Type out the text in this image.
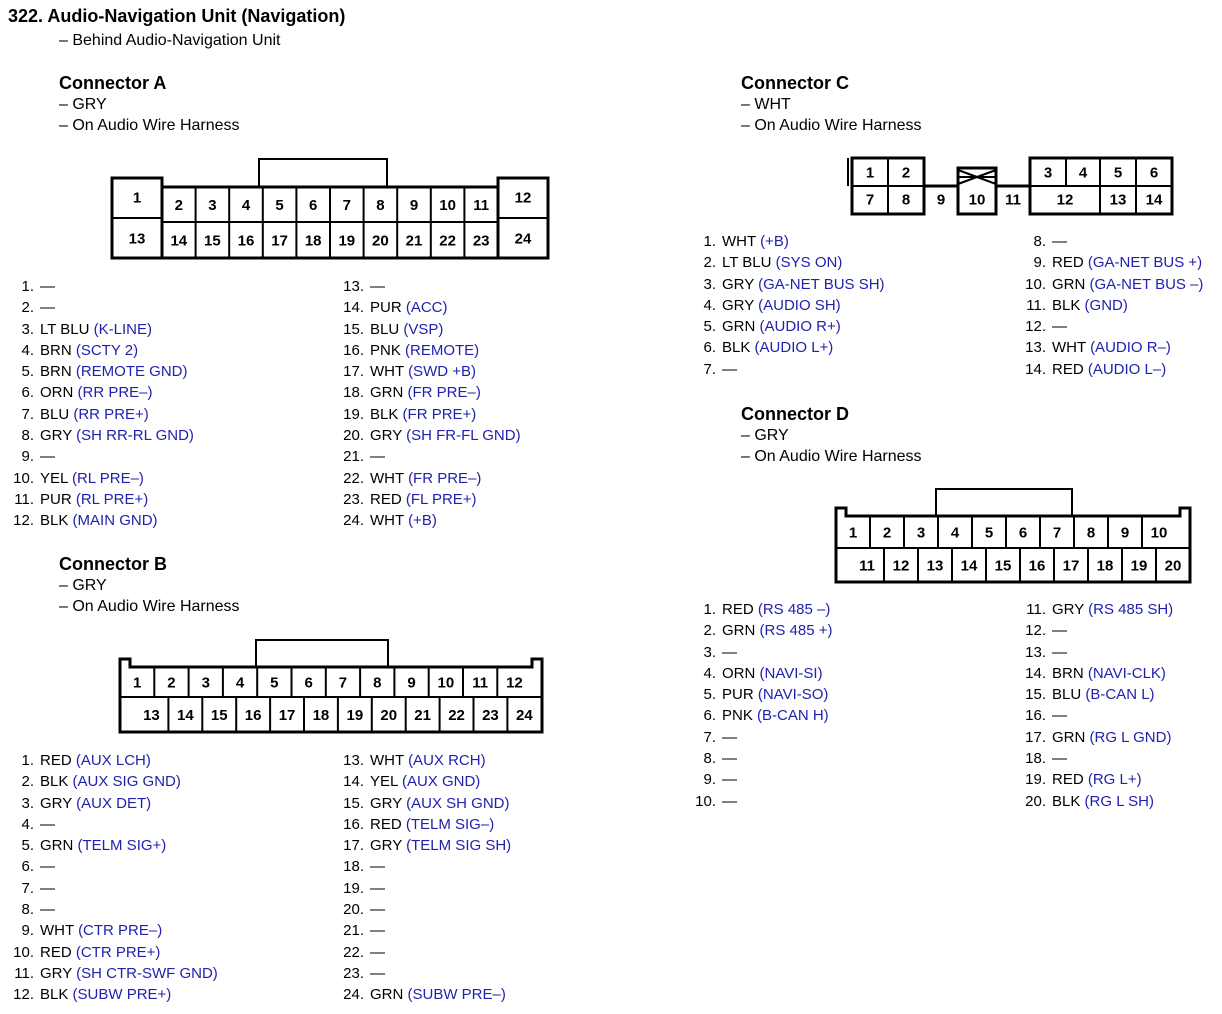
322. Audio-Navigation Unit (Navigation)
– Behind Audio-Navigation Unit
Connector A
– GRY
– On Audio Wire Harness
2 3 4 5 6 7 8 9 10 11
14 15 16 17 18 19 20 21 22 23
1	12
13	24
1. —
2. —
3. LT BLU (K-LINE)
4. BRN (SCTY 2)
5. BRN (REMOTE GND)
6. ORN (RR PRE–)
7. BLU (RR PRE+)
8. GRY (SH RR-RL GND)
9. —
10. YEL (RL PRE–)
11. PUR (RL PRE+)
12. BLK (MAIN GND)
13. —
14. PUR (ACC)
15. BLU (VSP)
16. PNK (REMOTE)
17. WHT (SWD +B)
18. GRN (FR PRE–)
19. BLK (FR PRE+)
20. GRY (SH FR-FL GND)
21. —
22. WHT (FR PRE–)
23. RED (FL PRE+)
24. WHT (+B)
Connector B
– GRY
– On Audio Wire Harness
1 2 3 4 5 6 7 8 9 10 11 12
13 14 15 16 17 18 19 20 21 22 23 24
1. RED (AUX LCH)
2. BLK (AUX SIG GND)
3. GRY (AUX DET)
4. —
5. GRN (TELM SIG+)
6. —
7. —
8. —
9. WHT (CTR PRE–)
10. RED (CTR PRE+)
11. GRY (SH CTR-SWF GND)
12. BLK (SUBW PRE+)
13. WHT (AUX RCH)
14. YEL (AUX GND)
15. GRY (AUX SH GND)
16. RED (TELM SIG–)
17. GRY (TELM SIG SH)
18. —
19. —
20. —
21. —
22. —
23. —
24. GRN (SUBW PRE–)
Connector C
– WHT
– On Audio Wire Harness
1 2	3 4 5 6
7 8 9 10 11 12 13 14
1. WHT (+B)
2. LT BLU (SYS ON)
3. GRY (GA-NET BUS SH)
4. GRY (AUDIO SH)
5. GRN (AUDIO R+)
6. BLK (AUDIO L+)
7. —
8. —
9. RED (GA-NET BUS +)
10. GRN (GA-NET BUS –)
11. BLK (GND)
12. —
13. WHT (AUDIO R–)
14. RED (AUDIO L–)
Connector D
– GRY
– On Audio Wire Harness
1 2 3 4 5 6 7 8 9 10
11 12 13 14 15 16 17 18 19 20
1. RED (RS 485 –)
2. GRN (RS 485 +)
3. —
4. ORN (NAVI-SI)
5. PUR (NAVI-SO)
6. PNK (B-CAN H)
7. —
8. —
9. —
10. —
11. GRY (RS 485 SH)
12. —
13. —
14. BRN (NAVI-CLK)
15. BLU (B-CAN L)
16. —
17. GRN (RG L GND)
18. —
19. RED (RG L+)
20. BLK (RG L SH)
